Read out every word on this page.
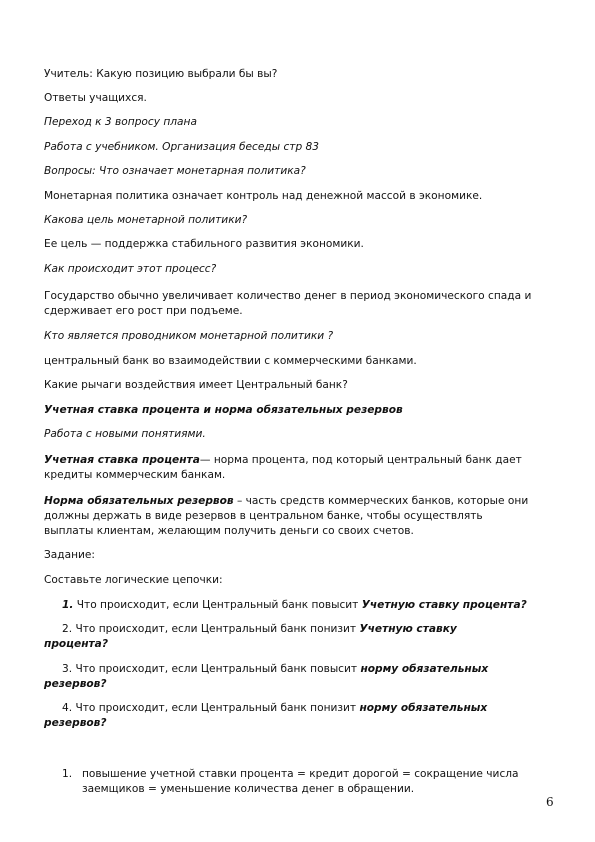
Учитель: Какую позицию выбрали бы вы?
Ответы учащихся.
Переход к 3 вопросу плана
Работа с учебником. Организация беседы стр 83
Вопросы: Что означает монетарная политика?
Монетарная политика означает контроль над денежной массой в экономике.
Какова цель монетарной политики?
Ее цель — поддержка стабильного развития экономики.
Как происходит этот процесс?
Государство обычно увеличивает количество денег в период экономического спада и
сдерживает его рост при подъеме.
Кто является проводником монетарной политики ?
центральный банк во взаимодействии с коммерческими банками.
Какие рычаги воздействия имеет Центральный банк?
Учетная ставка процента и норма обязательных резервов
Работа с новыми понятиями.
Учетная ставка процента— норма процента, под который центральный банк дает
кредиты коммерческим банкам.
Норма обязательных резервов – часть средств коммерческих банков, которые они
должны держать в виде резервов в центральном банке, чтобы осуществлять
выплаты клиентам, желающим получить деньги со своих счетов.
Задание:
Составьте логические цепочки:
1. Что происходит, если Центральный банк повысит Учетную ставку процента?
2. Что происходит, если Центральный банк понизит Учетную ставку
процента?
3. Что происходит, если Центральный банк повысит норму обязательных
резервов?
4. Что происходит, если Центральный банк понизит норму обязательных
резервов?
1. повышение учетной ставки процента = кредит дорогой = сокращение числа
заемщиков = уменьшение количества денег в обращении.
6
